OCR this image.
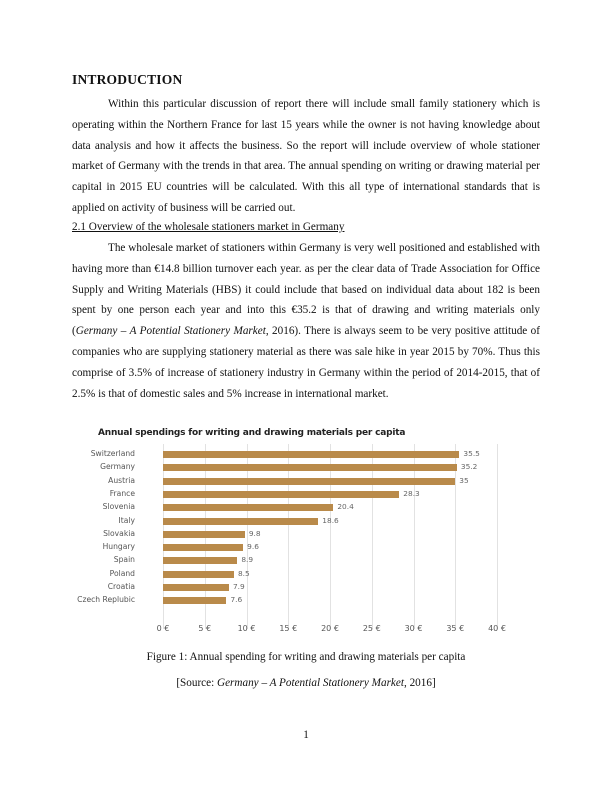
INTRODUCTION
Within this particular discussion of report there will include small family stationery which is operating within the Northern France for last 15 years while the owner is not having knowledge about data analysis and how it affects the business. So the report will include overview of whole stationer market of Germany with the trends in that area. The annual spending on writing or drawing material per capital in 2015 EU countries will be calculated. With this all type of international standards that is applied on activity of business will be carried out.
2.1 Overview of the wholesale stationers market in Germany
The wholesale market of stationers within Germany is very well positioned and established with having more than €14.8 billion turnover each year. as per the clear data of Trade Association for Office Supply and Writing Materials (HBS) it could include that based on individual data about 182 is been spent by one person each year and into this €35.2 is that of drawing and writing materials only (Germany – A Potential Stationery Market, 2016). There is always seem to be very positive attitude of companies who are supplying stationery material as there was sale hike in year 2015 by 70%. Thus this comprise of 3.5% of increase of stationery industry in Germany within the period of 2014-2015, that of 2.5% is that of domestic sales and 5% increase in international market.
Annual spendings for writing and drawing materials per capita
0 €	5 €	10 €	15 €	20 €	25 €	30 €	35 €	40 €
Switzerland	35.5
Germany	35.2
Austria	35
France	28.3
Slovenia	20.4
Italy	18.6
Slovakia	9.8
Hungary	9.6
Spain	8.9
Poland	8.5
Croatia	7.9
Czech Replubic	7.6
Figure 1: Annual spending for writing and drawing materials per capita
[Source: Germany – A Potential Stationery Market, 2016]
1
